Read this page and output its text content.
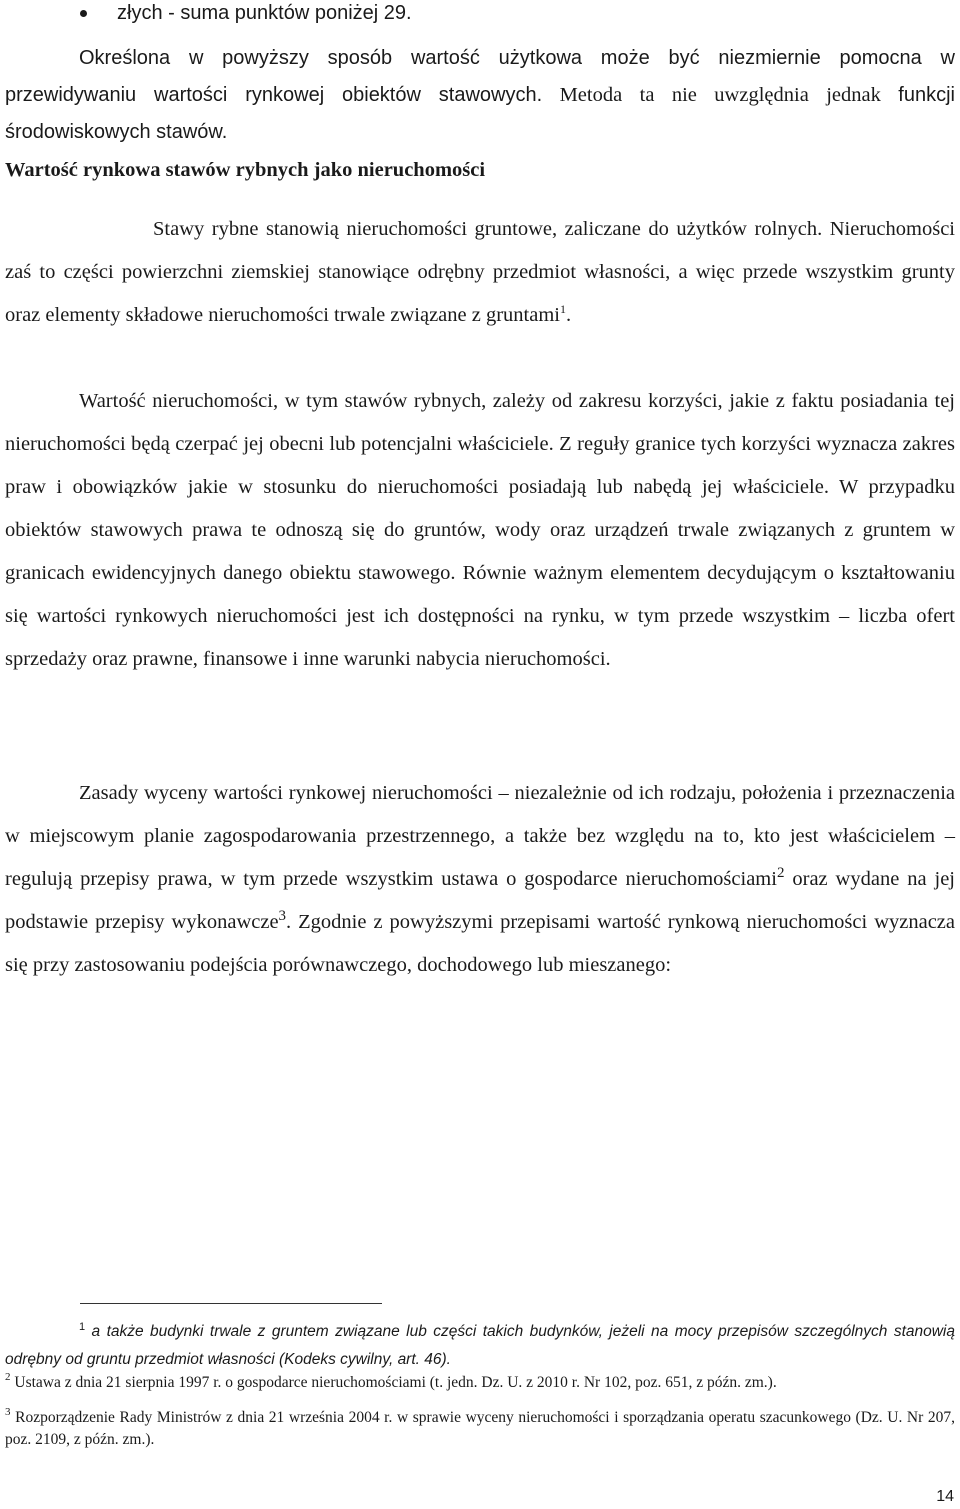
złych - suma punktów poniżej 29.

Określona w powyższy sposób wartość użytkowa może być niezmiernie pomocna w przewidywaniu wartości rynkowej obiektów stawowych. Metoda ta nie uwzględnia jednak funkcji środowiskowych stawów.

Wartość rynkowa stawów rybnych jako nieruchomości

Stawy rybne stanowią nieruchomości gruntowe, zaliczane do użytków rolnych. Nieruchomości zaś to części powierzchni ziemskiej stanowiące odrębny przedmiot własności, a więc przede wszystkim grunty oraz elementy składowe nieruchomości trwale związane z gruntami$^1$.

Wartość nieruchomości, w tym stawów rybnych, zależy od zakresu korzyści, jakie z faktu posiadania tej nieruchomości będą czerpać jej obecni lub potencjalni właściciele. Z reguły granice tych korzyści wyznacza zakres praw i obowiązków jakie w stosunku do nieruchomości posiadają lub nabędą jej właściciele. W przypadku obiektów stawowych prawa te odnoszą się do gruntów, wody oraz urządzeń trwale związanych z gruntem w granicach ewidencyjnych danego obiektu stawowego. Równie ważnym elementem decydującym o kształtowaniu się wartości rynkowych nieruchomości jest ich dostępności na rynku, w tym przede wszystkim – liczba ofert sprzedaży oraz prawne, finansowe i inne warunki nabycia nieruchomości.

Zasady wyceny wartości rynkowej nieruchomości – niezależnie od ich rodzaju, położenia i przeznaczenia w miejscowym planie zagospodarowania przestrzennego, a także bez względu na to, kto jest właścicielem – regulują przepisy prawa, w tym przede wszystkim ustawa o gospodarce nieruchomościami$^2$ oraz wydane na jej podstawie przepisy wykonawcze$^3$. Zgodnie z powyższymi przepisami wartość rynkową nieruchomości wyznacza się przy zastosowaniu podejścia porównawczego, dochodowego lub mieszanego:

$^1$ a także budynki trwale z gruntem związane lub części takich budynków, jeżeli na mocy przepisów szczególnych stanowią odrębny od gruntu przedmiot własności (Kodeks cywilny, art. 46).

$^2$ Ustawa z dnia 21 sierpnia 1997 r. o gospodarce nieruchomościami (t. jedn. Dz. U. z 2010 r. Nr 102, poz. 651, z późn. zm.).

$^3$ Rozporządzenie Rady Ministrów z dnia 21 września 2004 r. w sprawie wyceny nieruchomości i sporządzania operatu szacunkowego (Dz. U. Nr 207, poz. 2109, z późn. zm.).

14
